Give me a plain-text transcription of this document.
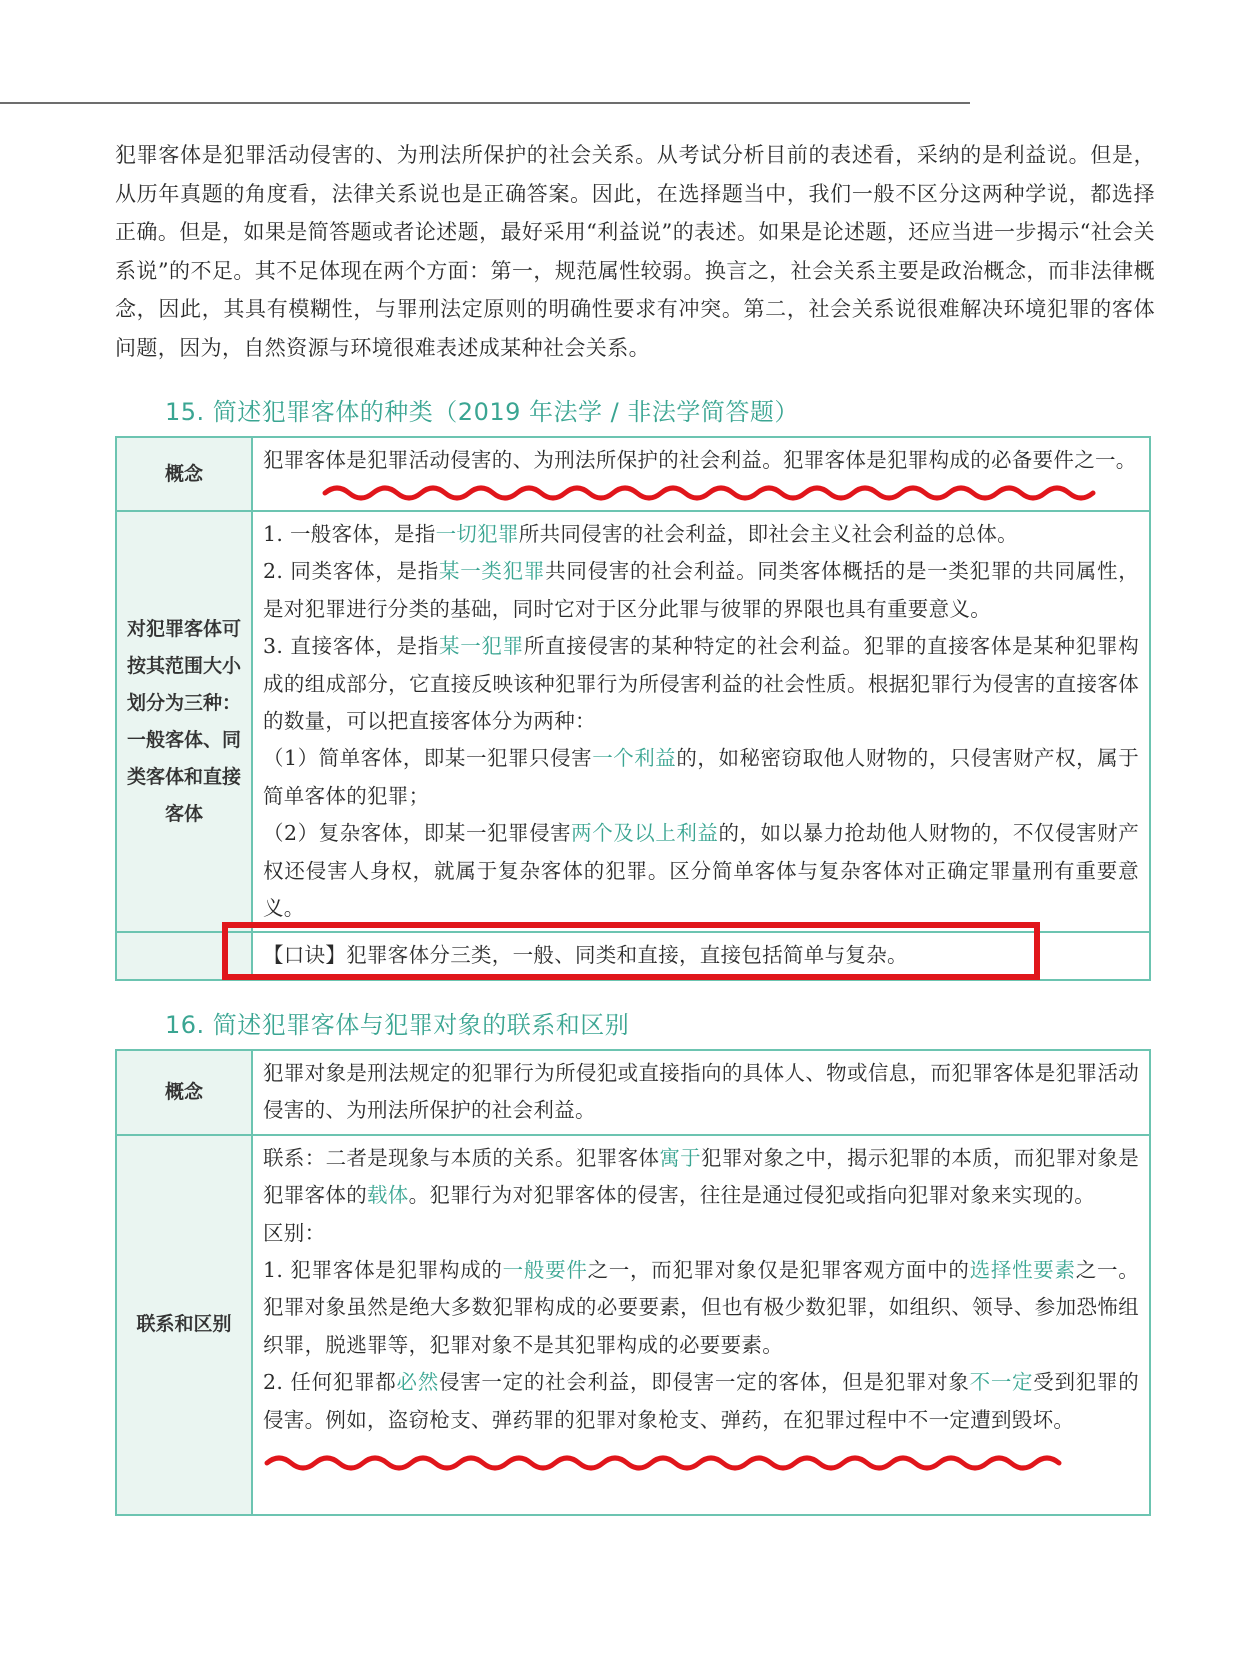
犯罪客体是犯罪活动侵害的、为刑法所保护的社会关系。从考试分析目前的表述看，采纳的是利益说。但是，从历年真题的角度看，法律关系说也是正确答案。因此，在选择题当中，我们一般不区分这两种学说，都选择正确。但是，如果是简答题或者论述题，最好采用“利益说”的表述。如果是论述题，还应当进一步揭示“社会关系说”的不足。其不足体现在两个方面：第一，规范属性较弱。换言之，社会关系主要是政治概念，而非法律概念，因此，其具有模糊性，与罪刑法定原则的明确性要求有冲突。第二，社会关系说很难解决环境犯罪的客体问题，因为，自然资源与环境很难表述成某种社会关系。
15. 简述犯罪客体的种类（2019 年法学 / 非法学简答题）
概念	犯罪客体是犯罪活动侵害的、为刑法所保护的社会利益。犯罪客体是犯罪构成的必备要件之一。

对犯罪客体可按其范围大小划分为三种：一般客体、同类客体和直接客体	1. 一般客体，是指一切犯罪所共同侵害的社会利益，即社会主义社会利益的总体。

2. 同类客体，是指某一类犯罪共同侵害的社会利益。同类客体概括的是一类犯罪的共同属性，是对犯罪进行分类的基础，同时它对于区分此罪与彼罪的界限也具有重要意义。

3. 直接客体，是指某一犯罪所直接侵害的某种特定的社会利益。犯罪的直接客体是某种犯罪构成的组成部分，它直接反映该种犯罪行为所侵害利益的社会性质。根据犯罪行为侵害的直接客体的数量，可以把直接客体分为两种：

（1）简单客体，即某一犯罪只侵害一个利益的，如秘密窃取他人财物的，只侵害财产权，属于简单客体的犯罪；

（2）复杂客体，即某一犯罪侵害两个及以上利益的，如以暴力抢劫他人财物的，不仅侵害财产权还侵害人身权，就属于复杂客体的犯罪。区分简单客体与复杂客体对正确定罪量刑有重要意义。

	【口诀】犯罪客体分三类，一般、同类和直接，直接包括简单与复杂。
16. 简述犯罪客体与犯罪对象的联系和区别
概念	犯罪对象是刑法规定的犯罪行为所侵犯或直接指向的具体人、物或信息，而犯罪客体是犯罪活动侵害的、为刑法所保护的社会利益。
联系和区别	联系：二者是现象与本质的关系。犯罪客体寓于犯罪对象之中，揭示犯罪的本质，而犯罪对象是犯罪客体的载体。犯罪行为对犯罪客体的侵害，往往是通过侵犯或指向犯罪对象来实现的。

区别：

1. 犯罪客体是犯罪构成的一般要件之一，而犯罪对象仅是犯罪客观方面中的选择性要素之一。犯罪对象虽然是绝大多数犯罪构成的必要要素，但也有极少数犯罪，如组织、领导、参加恐怖组织罪，脱逃罪等，犯罪对象不是其犯罪构成的必要要素。

2. 任何犯罪都必然侵害一定的社会利益，即侵害一定的客体，但是犯罪对象不一定受到犯罪的侵害。例如，盗窃枪支、弹药罪的犯罪对象枪支、弹药，在犯罪过程中不一定遭到毁坏。
